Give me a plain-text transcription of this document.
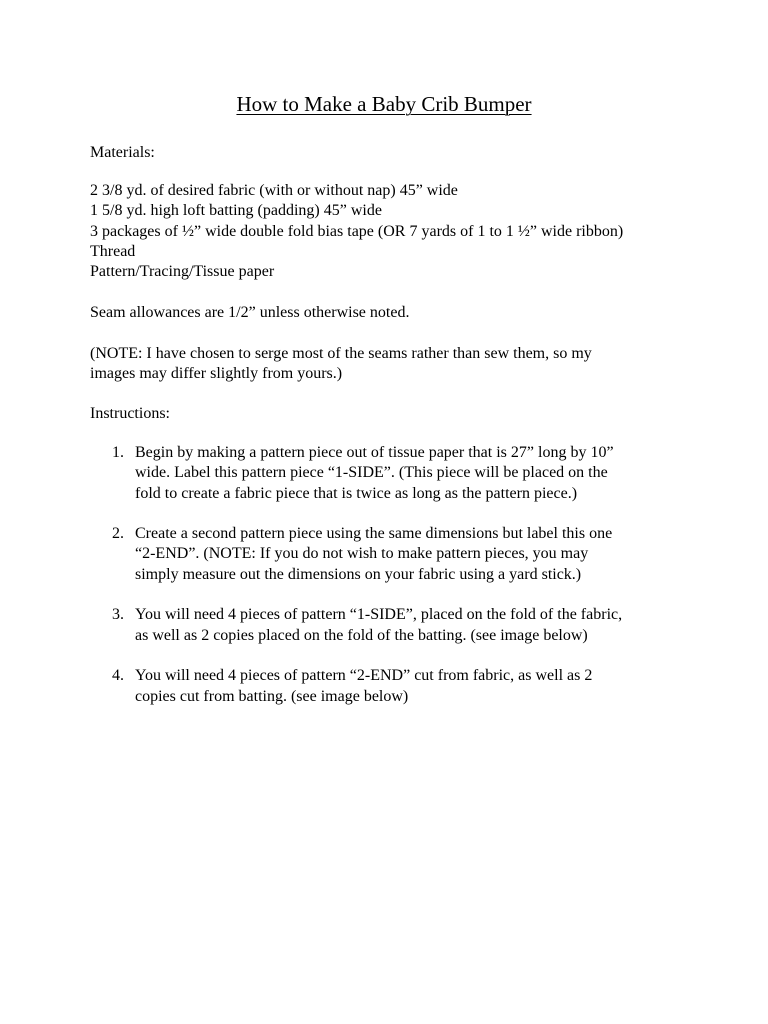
How to Make a Baby Crib Bumper

Materials:

2 3/8 yd. of desired fabric (with or without nap) 45” wide
1 5/8 yd. high loft batting (padding) 45” wide
3 packages of ½” wide double fold bias tape (OR 7 yards of 1 to 1 ½” wide ribbon)
Thread
Pattern/Tracing/Tissue paper

Seam allowances are 1/2” unless otherwise noted.

(NOTE: I have chosen to serge most of the seams rather than sew them, so my
images may differ slightly from yours.)

Instructions:

1. Begin by making a pattern piece out of tissue paper that is 27” long by 10”
wide. Label this pattern piece “1-SIDE”. (This piece will be placed on the
fold to create a fabric piece that is twice as long as the pattern piece.)
2. Create a second pattern piece using the same dimensions but label this one
“2-END”. (NOTE: If you do not wish to make pattern pieces, you may
simply measure out the dimensions on your fabric using a yard stick.)
3. You will need 4 pieces of pattern “1-SIDE”, placed on the fold of the fabric,
as well as 2 copies placed on the fold of the batting. (see image below)
4. You will need 4 pieces of pattern “2-END” cut from fabric, as well as 2
copies cut from batting. (see image below)
